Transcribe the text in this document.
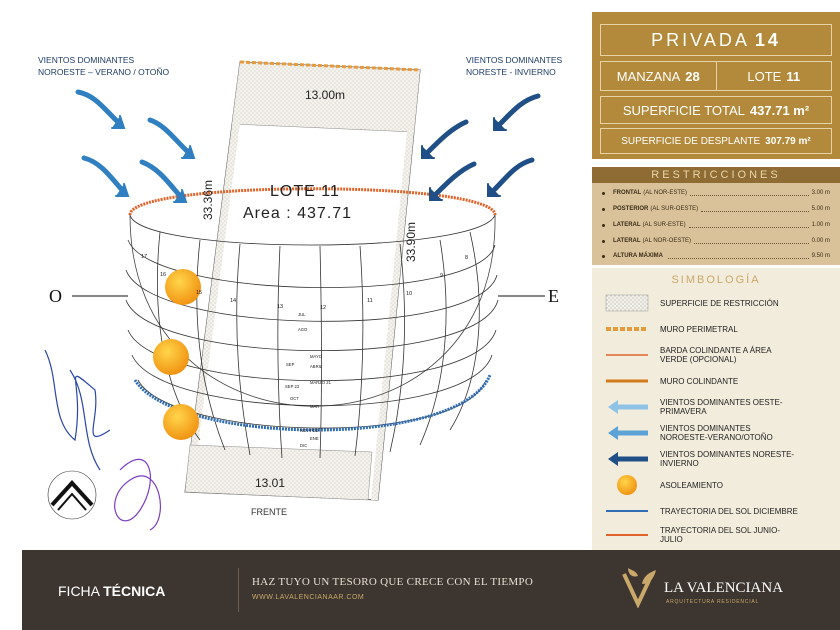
VIENTOS DOMINANTES
NOROESTE – VERANO / OTOÑO
VIENTOS DOMINANTES
NORESTE - INVIERNO
13.00m
33.36m
33.90m
13.01
LOTE 11
Area : 437.71
O	E
FRENTE
17
16
15
14
13	12
11
10
9
8
JUL
AGO
MAYO
ABRIL
SEP
MARZO 21
SEP 23
OCT
MAR
NOV-FEB
ENE
DIC
PRIVADA 14
MANZANA 28	LOTE 11
SUPERFICIE TOTAL 437.71 m²
SUPERFICIE DE DESPLANTE 307.79 m²
RESTRICCIONES
FRONTAL (AL NOR-ESTE)	3.00 m
POSTERIOR (AL SUR-OESTE)	5.00 m
LATERAL (AL SUR-ESTE)	1.00 m
LATERAL (AL NOR-OESTE)	0.00 m
ALTURA MÁXIMA	9.50 m
SIMBOLOGÍA
SUPERFICIE DE RESTRICCIÓN
MURO PERIMETRAL
BARDA COLINDANTE A ÁREA VERDE (OPCIONAL)
MURO COLINDANTE
VIENTOS DOMINANTES OESTE-PRIMAVERA
VIENTOS DOMINANTES NOROESTE-VERANO/OTOÑO
VIENTOS DOMINANTES NORESTE-INVIERNO
ASOLEAMIENTO
TRAYECTORIA DEL SOL DICIEMBRE
TRAYECTORIA DEL SOL JUNIO-JULIO
FICHA TÉCNICA
HAZ TUYO UN TESORO QUE CRECE CON EL TIEMPO
WWW.LAVALENCIANAAR.COM
LA VALENCIANA
ARQUITECTURA RESIDENCIAL
